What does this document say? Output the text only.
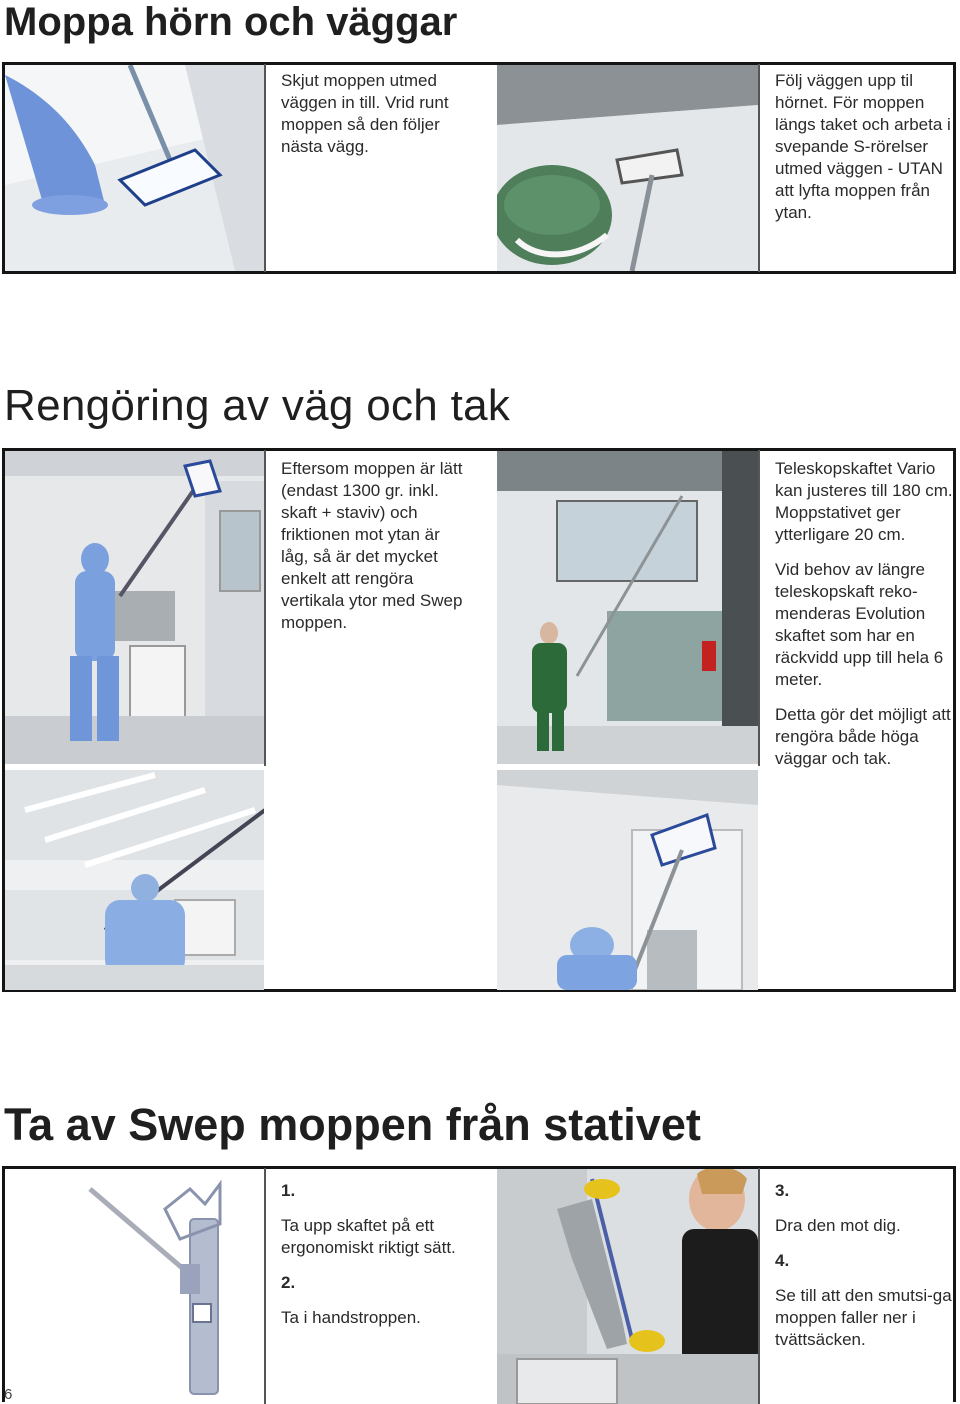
Moppa hörn och väggar
Skjut moppen utmed väggen in till. Vrid runt moppen så den följer nästa vägg.
Följ väggen upp til hörnet. För moppen längs taket och arbeta i svepande S-rörelser utmed väggen - UTAN att lyfta moppen från ytan.
Rengöring av väg och tak
Eftersom moppen är lätt (endast 1300 gr. inkl. skaft + staviv) och friktionen mot ytan är låg, så är det mycket enkelt att rengöra vertikala ytor med Swep moppen.

Teleskopskaftet Vario kan justeres till 180 cm. Moppstativet ger ytterligare 20 cm.

Vid behov av längre teleskopskaft reko-menderas Evolution skaftet som har en räckvidd upp till hela 6 meter.

Detta gör det möjligt att rengöra både höga väggar och tak.

Ta av Swep moppen från stativet

1.

Ta upp skaftet på ett ergonomiskt riktigt sätt.

2.

Ta i handstroppen.

3.

Dra den mot dig.

4.

Se till att den smutsi-ga moppen faller ner i tvättsäcken.

6
